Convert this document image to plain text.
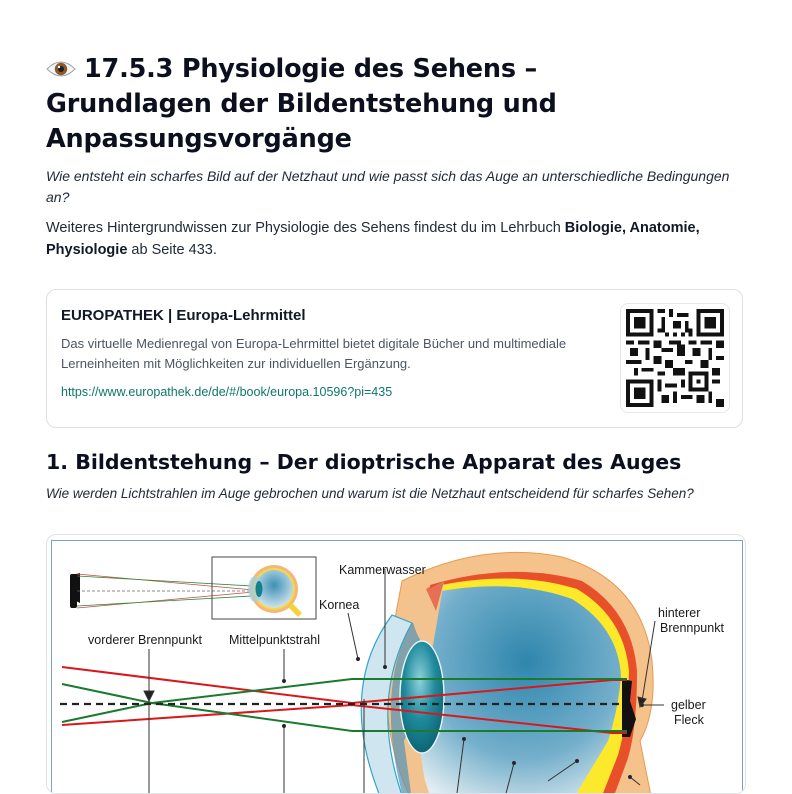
17.5.3 Physiologie des Sehens – Grundlagen der Bildentstehung und Anpassungsvorgänge

Wie entsteht ein scharfes Bild auf der Netzhaut und wie passt sich das Auge an unterschiedliche Bedingungen an?

Weiteres Hintergrundwissen zur Physiologie des Sehens findest du im Lehrbuch Biologie, Anatomie, Physiologie ab Seite 433.

EUROPATHEK | Europa-Lehrmittel
Das virtuelle Medienregal von Europa-Lehrmittel bietet digitale Bücher und multimediale Lerneinheiten mit Möglichkeiten zur individuellen Ergänzung.
https://www.europathek.de/de/#/book/europa.10596?pi=435
1. Bildentstehung – Der dioptrische Apparat des Auges

Wie werden Lichtstrahlen im Auge gebrochen und warum ist die Netzhaut entscheidend für scharfes Sehen?

Kammerwasser
Kornea
vorderer Brennpunkt Mittelpunktstrahl
hinterer
Brennpunkt
gelber
Fleck
